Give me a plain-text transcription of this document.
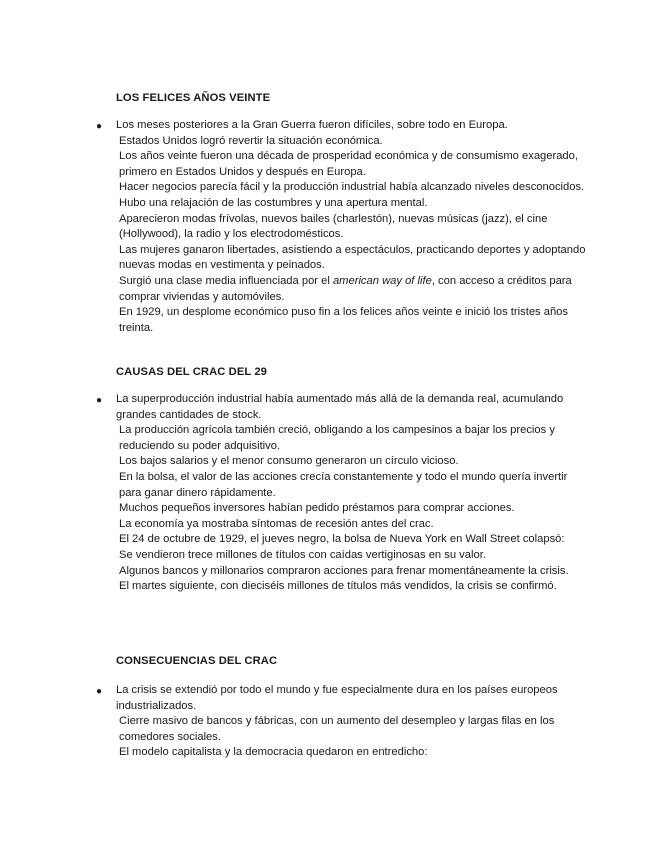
LOS FELICES AÑOS VEINTE
● Los meses posteriores a la Gran Guerra fueron difíciles, sobre todo en Europa.

Estados Unidos logró revertir la situación económica.

Los años veinte fueron una década de prosperidad económica y de consumismo exagerado, primero en Estados Unidos y después en Europa.

Hacer negocios parecía fácil y la producción industrial había alcanzado niveles desconocidos.

Hubo una relajación de las costumbres y una apertura mental.

Aparecieron modas frívolas, nuevos bailes (charlestón), nuevas músicas (jazz), el cine (Hollywood), la radio y los electrodomésticos.

Las mujeres ganaron libertades, asistiendo a espectáculos, practicando deportes y adoptando nuevas modas en vestimenta y peinados.

Surgió una clase media influenciada por el american way of life, con acceso a créditos para comprar viviendas y automóviles.

En 1929, un desplome económico puso fin a los felices años veinte e inició los tristes años treinta.

CAUSAS DEL CRAC DEL 29
● La superproducción industrial había aumentado más allá de la demanda real, acumulando grandes cantidades de stock.

La producción agrícola también creció, obligando a los campesinos a bajar los precios y reduciendo su poder adquisitivo.

Los bajos salarios y el menor consumo generaron un círculo vicioso.

En la bolsa, el valor de las acciones crecía constantemente y todo el mundo quería invertir para ganar dinero rápidamente.

Muchos pequeños inversores habían pedido préstamos para comprar acciones.

La economía ya mostraba síntomas de recesión antes del crac.

El 24 de octubre de 1929, el jueves negro, la bolsa de Nueva York en Wall Street colapsó:

Se vendieron trece millones de títulos con caídas vertiginosas en su valor.

Algunos bancos y millonarios compraron acciones para frenar momentáneamente la crisis.

El martes siguiente, con dieciséis millones de títulos más vendidos, la crisis se confirmó.

CONSECUENCIAS DEL CRAC
● La crisis se extendió por todo el mundo y fue especialmente dura en los países europeos industrializados.

Cierre masivo de bancos y fábricas, con un aumento del desempleo y largas filas en los comedores sociales.

El modelo capitalista y la democracia quedaron en entredicho:
